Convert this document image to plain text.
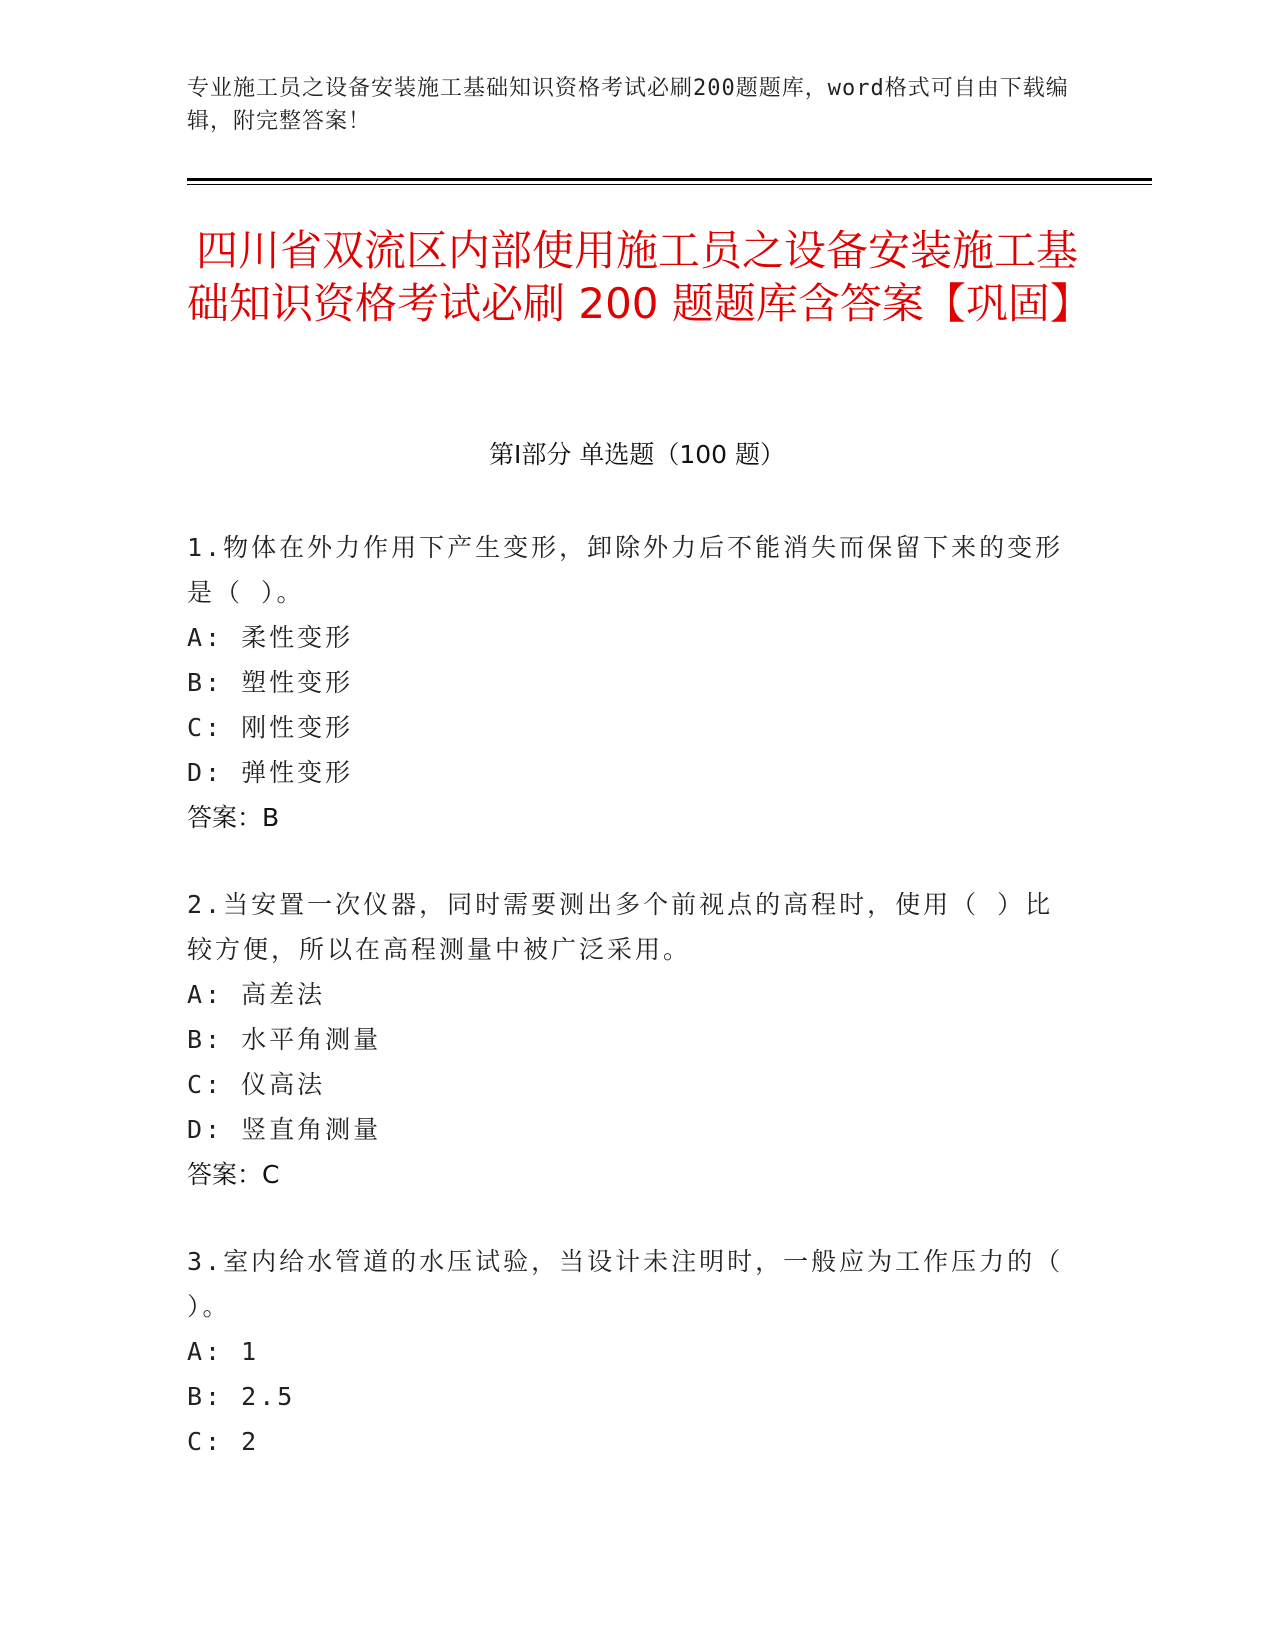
专业施工员之设备安装施工基础知识资格考试必刷200题题库，word格式可自由下载编辑，附完整答案！
四川省双流区内部使用施工员之设备安装施工基础知识资格考试必刷 200 题题库含答案【巩固】
第Ⅰ部分 单选题（100 题）
1.物体在外力作用下产生变形，卸除外力后不能消失而保留下来的变形是（ ）。
A: 柔性变形
B: 塑性变形
C: 刚性变形
D: 弹性变形
答案：B
2.当安置一次仪器，同时需要测出多个前视点的高程时，使用（ ）比较方便，所以在高程测量中被广泛采用。
A: 高差法
B: 水平角测量
C: 仪高法
D: 竖直角测量
答案：C
3.室内给水管道的水压试验，当设计未注明时，一般应为工作压力的（ ）。
A: 1
B: 2.5
C: 2
